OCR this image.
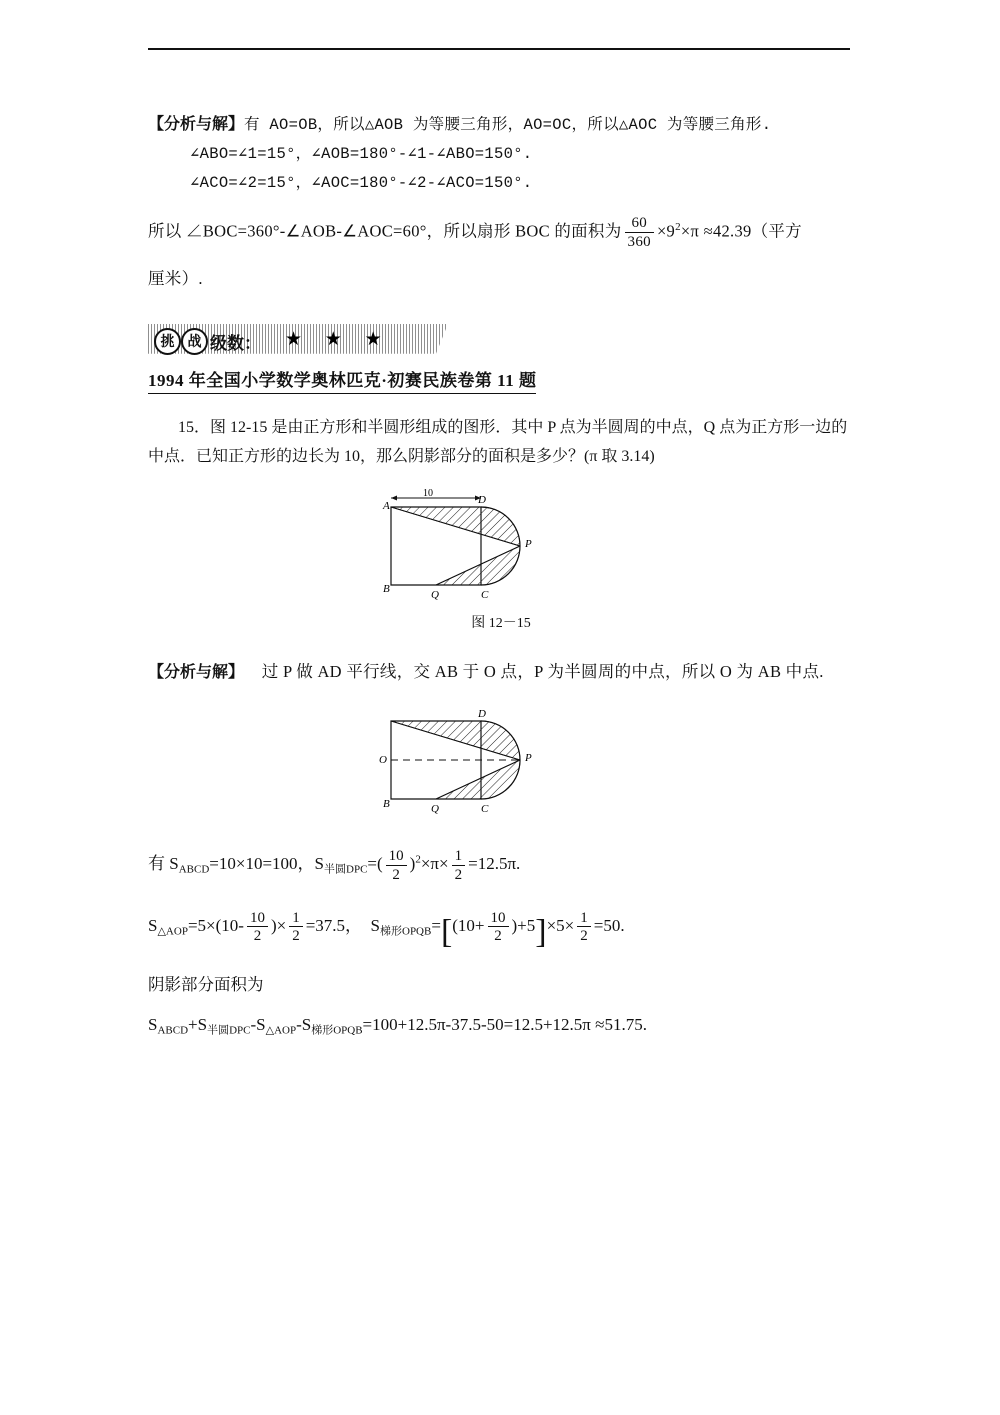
【分析与解】有 AO=OB，所以△AOB 为等腰三角形，AO=OC，所以△AOC 为等腰三角形.

∠ABO=∠1=15°，∠AOB=180°-∠1-∠ABO=150°.

∠ACO=∠2=15°，∠AOC=180°-∠2-∠ACO=150°.

所以 ∠BOC=360°-∠AOB-∠AOC=60°，所以扇形 BOC 的面积为 $\frac{60}{360} \times 9^2\times\pi \approx 42.39$（平方

厘米）.

挑 战 级数： ★ ★ ★
1994 年全国小学数学奥林匹克·初赛民族卷第 11 题

15．图 12-15 是由正方形和半圆形组成的图形．其中 P 点为半圆周的中点，Q 点为正方形一边的中点．已知正方形的边长为 10，那么阴影部分的面积是多少？(π 取 3.14)

10
A
B	C
D
P
Q
图 12－15

【分析与解】 过 P 做 AD 平行线，交 AB 于 O 点，P 为半圆周的中点，所以 O 为 AB 中点.

O
B	C
D
P
Q
有 $S_{ABCD}=10\times 10=100$，$S_{半圆DPC}=( \frac{10}{2} )^2\times\pi\times \frac{1}{2} =12.5\pi$.
$S_{\triangle AOP}=5\times(10- \frac{10}{2}$ )× $\frac{1}{2} =37.5$， $S_{梯形OPQB}=[(10+ \frac{10}{2} )+5]\times 5\times \frac{1}{2} =50$.
阴影部分面积为
$S_{ABCD}+S_{半圆DPC}-S_{\triangle AOP}-S_{梯形OPQB}=100+12.5\pi-37.5-50=12.5+12.5\pi \approx 51.75$.
